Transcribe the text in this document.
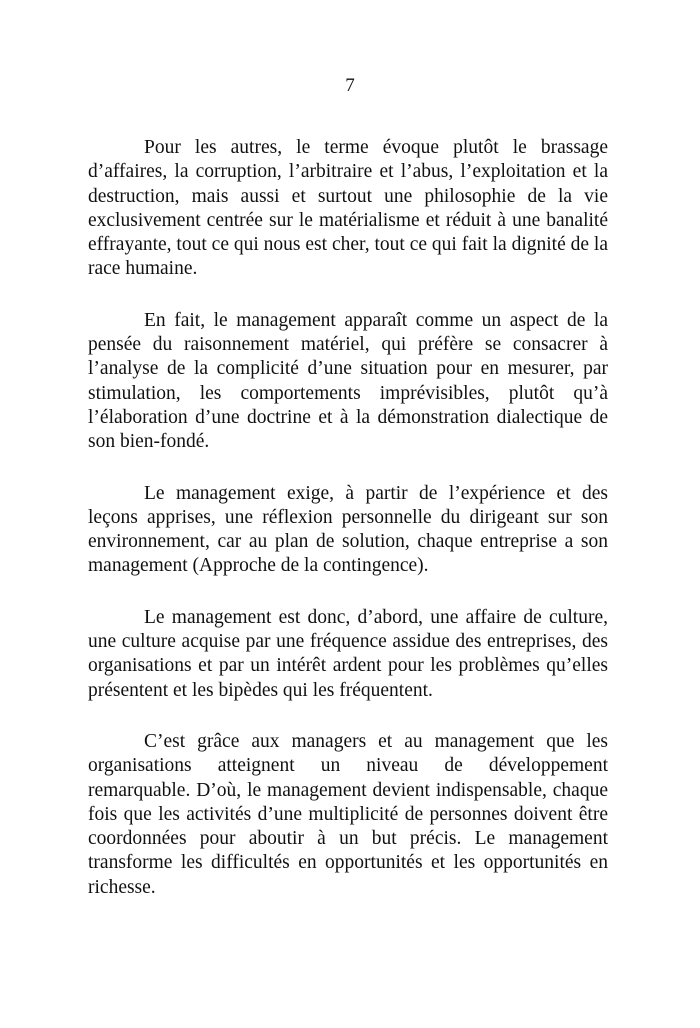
7

Pour les autres, le terme évoque plutôt le brassage d’affaires, la corruption, l’arbitraire et l’abus, l’exploitation et la destruction, mais aussi et surtout une philosophie de la vie exclusivement centrée sur le matérialisme et réduit à une banalité effrayante, tout ce qui nous est cher, tout ce qui fait la dignité de la race humaine.

En fait, le management apparaît comme un aspect de la pensée du raisonnement matériel, qui préfère se consacrer à l’analyse de la complicité d’une situation pour en mesurer, par stimulation, les comportements imprévisibles, plutôt qu’à l’élaboration d’une doctrine et à la démonstration dialectique de son bien-fondé.

Le management exige, à partir de l’expérience et des leçons apprises, une réflexion personnelle du dirigeant sur son environnement, car au plan de solution, chaque entreprise a son management (Approche de la contingence).

Le management est donc, d’abord, une affaire de culture, une culture acquise par une fréquence assidue des entreprises, des organisations et par un intérêt ardent pour les problèmes qu’elles présentent et les bipèdes qui les fréquentent.

C’est grâce aux managers et au management que les organisations atteignent un niveau de développement remarquable. D’où, le management devient indispensable, chaque fois que les activités d’une multiplicité de personnes doivent être coordonnées pour aboutir à un but précis. Le management transforme les difficultés en opportunités et les opportunités en richesse.
